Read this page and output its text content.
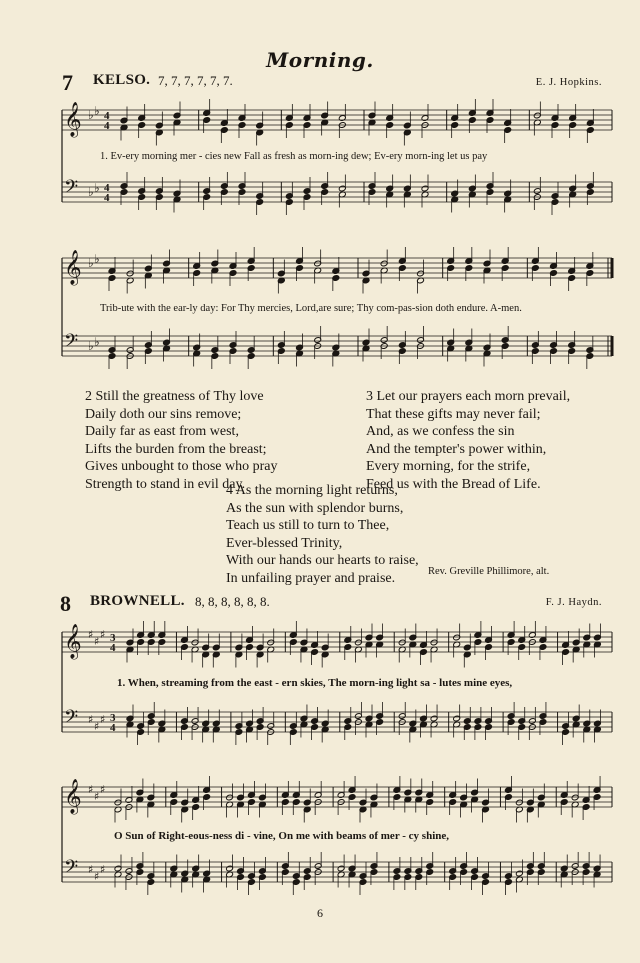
Morning.
7 KELSO. 7, 7, 7, 7, 7, 7.	E. J. Hopkins.
𝄞
𝄢
♭
♭
♭
♭
4
4
4
4
1. Ev-ery morning mer - cies new Fall as fresh as morn-ing dew; Ev-ery morn-ing let us pay
𝄞
𝄢
♭
♭
♭
♭
Trib-ute with the ear-ly day: For Thy mercies, Lord,are sure; Thy com-pas-sion doth endure. A-men.
2 Still the greatness of Thy love
Daily doth our sins remove;
Daily far as east from west,
Lifts the burden from the breast;
Gives unbought to those who pray
Strength to stand in evil day.
3 Let our prayers each morn prevail,
That these gifts may never fail;
And, as we confess the sin
And the tempter's power within,
Every morning, for the strife,
Feed us with the Bread of Life.
4 As the morning light returns,
As the sun with splendor burns,
Teach us still to turn to Thee,
Ever-blessed Trinity,
With our hands our hearts to raise,
In unfailing prayer and praise.	Rev. Greville Phillimore, alt.
8 BROWNELL. 8, 8, 8, 8, 8, 8.	F. J. Haydn.
𝄞
𝄢
♯
♯
♯
♯
♯
♯
3
4
3
4
1. When, streaming from the east - ern skies, The morn-ing light sa - lutes mine eyes,
𝄞
𝄢
♯
♯
♯
♯
♯
♯
O Sun of Right-eous-ness di - vine, On me with beams of mer - cy shine,
6
